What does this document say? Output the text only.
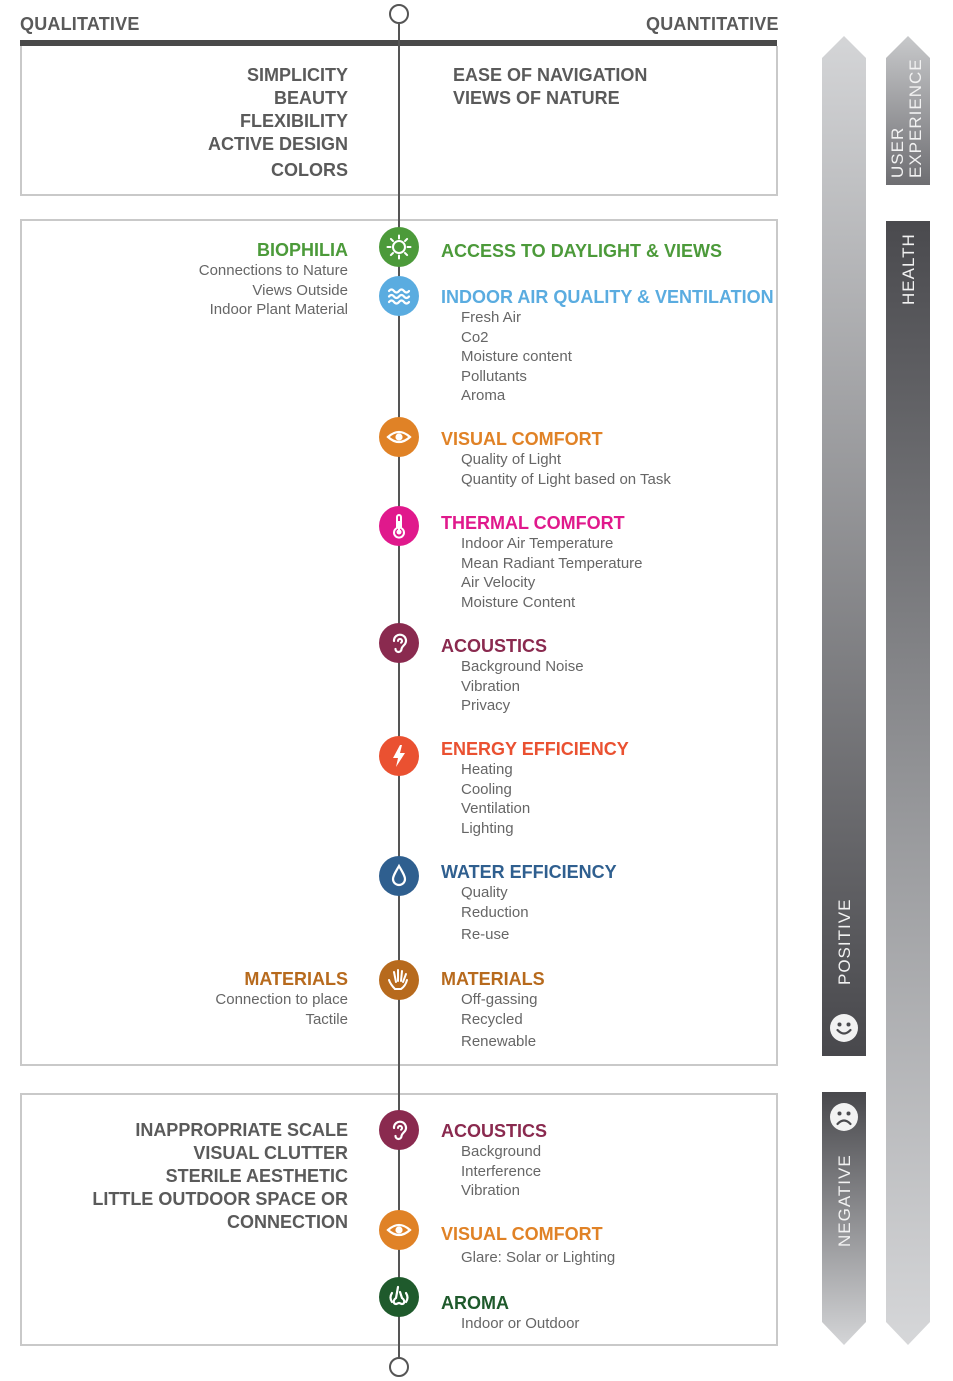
QUALITATIVE	QUANTITATIVE
SIMPLICITY
BEAUTY
FLEXIBILITY
ACTIVE DESIGN
COLORS
EASE OF NAVIGATION
VIEWS OF NATURE
BIOPHILIA
Connections to Nature
Views Outside
Indoor Plant Material
MATERIALS
Connection to place
Tactile
ACCESS TO DAYLIGHT & VIEWS
INDOOR AIR QUALITY & VENTILATION
Fresh Air
Co2
Moisture content
Pollutants
Aroma
VISUAL COMFORT
Quality of Light
Quantity of Light based on Task
THERMAL COMFORT
Indoor Air Temperature
Mean Radiant Temperature
Air Velocity
Moisture Content
ACOUSTICS
Background Noise
Vibration
Privacy
ENERGY EFFICIENCY
Heating
Cooling
Ventilation
Lighting
WATER EFFICIENCY
Quality
Reduction
Re-use
MATERIALS
Off-gassing
Recycled
Renewable
INAPPROPRIATE SCALE
VISUAL CLUTTER
STERILE AESTHETIC
LITTLE OUTDOOR SPACE OR
CONNECTION
ACOUSTICS
Background
Interference
Vibration
VISUAL COMFORT
Glare: Solar or Lighting
AROMA
Indoor or Outdoor
POSITIVE
NEGATIVE
USER EXPERIENCE
HEALTH
